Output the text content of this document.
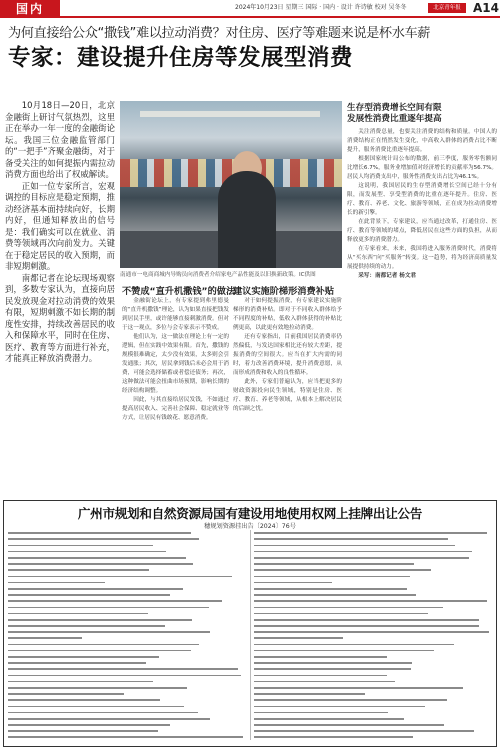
国内	2024年10月23日 星期三 国际 · 国内 · 设计 许诗敏 校对 吴冬冬	北京青年报	A14
为何直接给公众“撒钱”难以拉动消费？对住房、医疗等难题来说是杯水车薪
专家：建设提升住房等发展型消费

10月18日—20日，北京金融街上研讨气氛热烈，这里正在举办一年一度的金融街论坛。我国三位金融监管部门的“一把手”齐聚金融街，对于备受关注的如何提振内需拉动消费方面也给出了权威解读。

正如一位专家所言，宏观调控的目标应是稳定预期，推动经济基本面持续向好，长期内好，但通知释放出的信号是：我们确实可以在就业、消费等领域再次向前发力。关键在于稳定居民的收入预期，而非短期刺激。

南都记者在论坛现场观察到，多数专家认为，直接向居民发放现金对拉动消费的效果有限，短期刺激不如长期的制度性安排，持续改善居民的收入和保障水平，同时在住房、医疗、教育等方面进行补充，才能真正释放消费潜力。

南通市一电商商城内导购员向消费者介绍家电产品性能及以旧换新政策。IC供图
不赞成“直升机撒钱”的做法
建议实施阶梯形消费补贴

金融街论坛上，有专家提到弗里德曼的“直升机撒钱”理论，认为如果直接把钱发到居民手里，或许能够直接刺激消费。但对于这一观点，多位与会专家表示不赞成。

他们认为，这一做法在理论上有一定的逻辑，但在实践中效果有限。首先，撒钱的规模很难确定，太少没有效果，太多则会引发通胀；其次，居民拿到钱后未必会用于消费，可能会选择储蓄或者偿还债务；再次，这种做法可能会扭曲市场预期，影响长期的经济结构调整。

因此，与其直接给居民发钱，不如通过提高居民收入、完善社会保障、稳定就业等方式，让居民有钱敢花、愿意消费。

对于如何提振消费，有专家建议实施阶梯形的消费补贴。即对于不同收入群体给予不同程度的补贴，低收入群体获得的补贴比例更高，以此更有效地拉动消费。

还有专家指出，目前我国居民消费率仍然偏低，与发达国家相比还有较大差距，提振消费的空间很大。应当在扩大内需的同时，着力改善消费环境，提升消费意愿，从而形成消费和收入的良性循环。

此外，专家们普遍认为，应当把更多的财政资源投向民生领域，特别是住房、医疗、教育、养老等领域，从根本上解决居民的后顾之忧。

生存型消费增长空间有限
发展性消费比重逐年提高

关注消费总量，也要关注消费的结构和质量。中国人的消费结构正在悄然发生变化，中高收入群体的消费占比不断提升，服务消费比重逐年提高。

根据国家统计局公布的数据，前三季度，服务零售额同比增长6.7%，服务业增加值对经济增长的贡献率为56.7%。居民人均消费支出中，服务性消费支出占比为46.1%。

这说明，我国居民的生存型消费增长空间已经十分有限，而发展型、享受型消费的比重在逐年提升。住房、医疗、教育、养老、文化、旅游等领域，正在成为拉动消费增长的新引擎。

在此背景下，专家建议，应当通过改革，打通住房、医疗、教育等领域的堵点，降低居民在这些方面的负担，从而释放更多的消费潜力。

在专家看来，未来，我国将进入服务消费时代，消费将从“买东西”向“买服务”转变。这一趋势，将为经济高质量发展提供持续的动力。

采写：南都记者 杨文君

广州市规划和自然资源局国有建设用地使用权网上挂牌出让公告
穗规划资源挂出告〔2024〕76号
